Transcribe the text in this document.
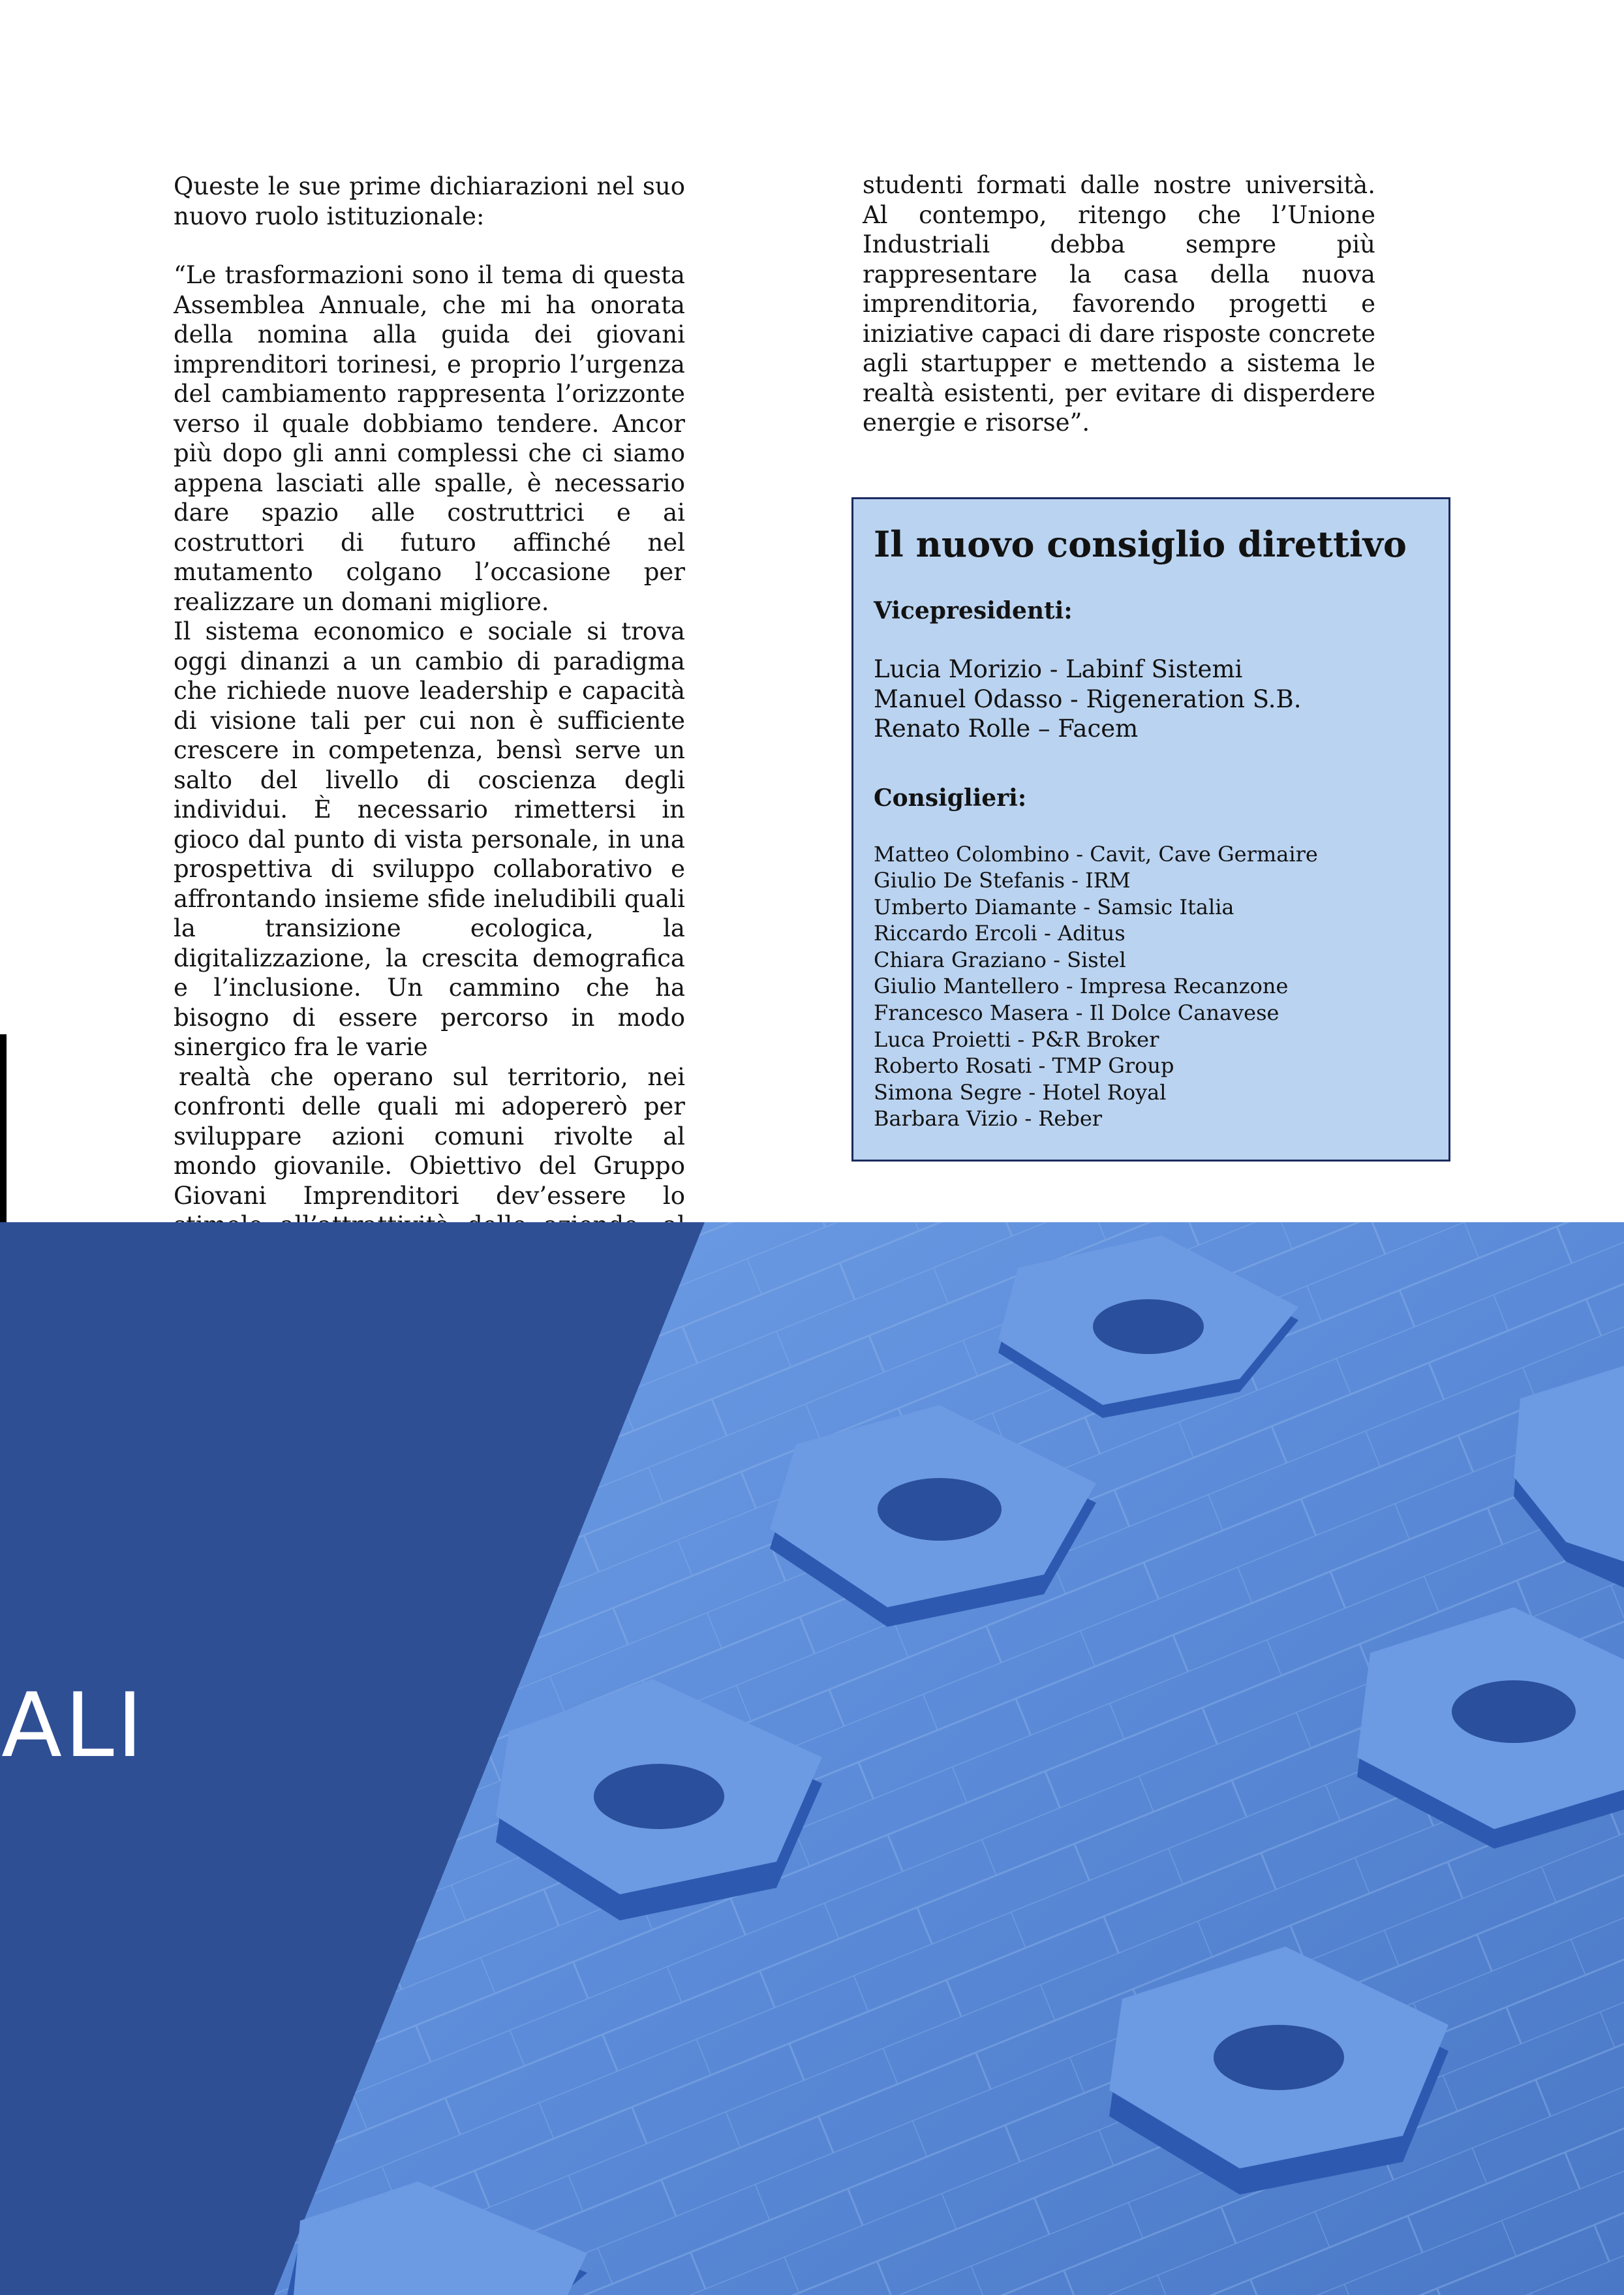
Queste le sue prime dichiarazioni nel suo nuovo ruolo istituzionale:

“Le trasformazioni sono il tema di questa Assemblea Annuale, che mi ha onorata della nomina alla guida dei giovani imprenditori torinesi, e proprio l’urgenza del cambiamento rappresenta l’orizzonte verso il quale dobbiamo tendere. Ancor più dopo gli anni complessi che ci siamo appena lasciati alle spalle, è necessario dare spazio alle costruttrici e ai costruttori di futuro affinché nel mutamento colgano l’occasione per realizzare un domani migliore.

Il sistema economico e sociale si trova oggi dinanzi a un cambio di paradigma che richiede nuove leadership e capacità di visione tali per cui non è sufficiente crescere in competenza, bensì serve un salto del livello di coscienza degli individui. È necessario rimettersi in gioco dal punto di vista personale, in una prospettiva di sviluppo collaborativo e affrontando insieme sfide ineludibili quali la transizione ecologica, la digitalizzazione, la crescita demografica e l’inclusione. Un cammino che ha bisogno di essere percorso in modo sinergico fra le varie

realtà che operano sul territorio, nei confronti delle quali mi adopererò per sviluppare azioni comuni rivolte al mondo giovanile. Obiettivo del Gruppo Giovani Imprenditori dev’essere lo

studenti formati dalle nostre università. Al contempo, ritengo che l’Unione Industriali debba sempre più rappresentare la casa della nuova imprenditoria, favorendo progetti e iniziative capaci di dare risposte concrete agli startupper e mettendo a sistema le realtà esistenti, per evitare di disperdere energie e risorse”.

Il nuovo consiglio direttivo
Vicepresidenti:
Lucia Morizio - Labinf Sistemi
Manuel Odasso - Rigeneration S.B.
Renato Rolle – Facem
Consiglieri:
Matteo Colombino - Cavit, Cave Germaire
Giulio De Stefanis - IRM
Umberto Diamante - Samsic Italia
Riccardo Ercoli - Aditus
Chiara Graziano - Sistel
Giulio Mantellero - Impresa Recanzone
Francesco Masera - Il Dolce Canavese
Luca Proietti - P&R Broker
Roberto Rosati - TMP Group
Simona Segre - Hotel Royal
Barbara Vizio - Reber
ALI
